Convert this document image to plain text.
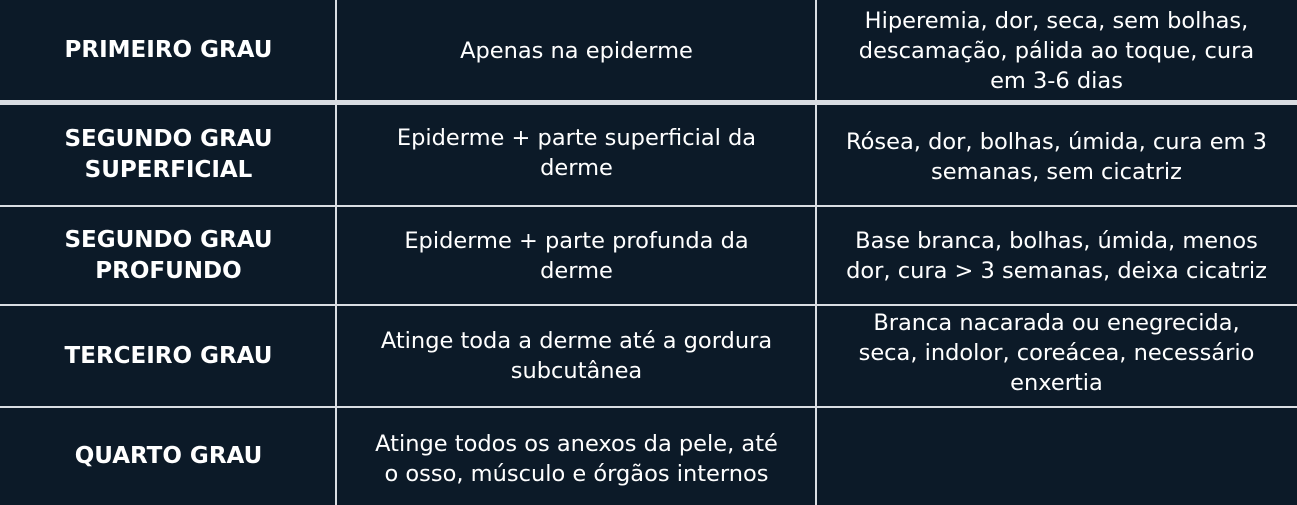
PRIMEIRO GRAU	Apenas na epiderme
Hiperemia, dor, seca, sem bolhas,
descamação, pálida ao toque, cura
em 3-6 dias
SEGUNDO GRAU
SUPERFICIAL
Epiderme + parte superficial da
derme
Rósea, dor, bolhas, úmida, cura em 3
semanas, sem cicatriz
SEGUNDO GRAU
PROFUNDO
Epiderme + parte profunda da
derme
Base branca, bolhas, úmida, menos
dor, cura > 3 semanas, deixa cicatriz
TERCEIRO GRAU
Atinge toda a derme até a gordura
subcutânea
Branca nacarada ou enegrecida,
seca, indolor, coreácea, necessário
enxertia
QUARTO GRAU	Atinge todos os anexos da pele, até
o osso, músculo e órgãos internos
